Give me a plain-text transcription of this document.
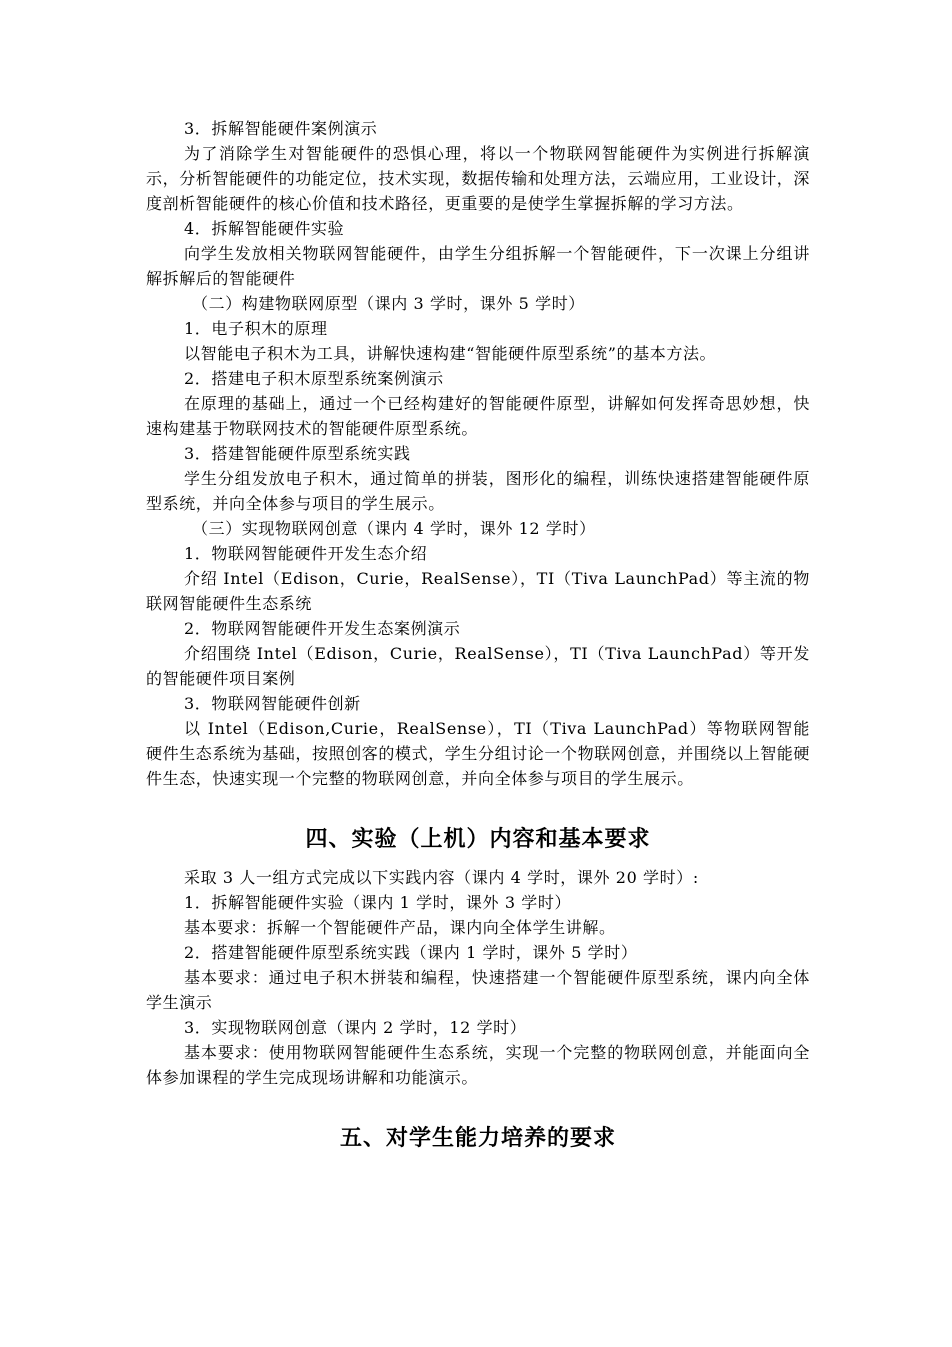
3．拆解智能硬件案例演示
为了消除学生对智能硬件的恐惧心理，将以一个物联网智能硬件为实例进行拆解演示，分析智能硬件的功能定位，技术实现，数据传输和处理方法，云端应用，工业设计，深度剖析智能硬件的核心价值和技术路径，更重要的是使学生掌握拆解的学习方法。
4．拆解智能硬件实验
向学生发放相关物联网智能硬件，由学生分组拆解一个智能硬件，下一次课上分组讲解拆解后的智能硬件
（二）构建物联网原型（课内 3 学时，课外 5 学时）
1．电子积木的原理
以智能电子积木为工具，讲解快速构建“智能硬件原型系统”的基本方法。
2．搭建电子积木原型系统案例演示
在原理的基础上，通过一个已经构建好的智能硬件原型，讲解如何发挥奇思妙想，快速构建基于物联网技术的智能硬件原型系统。
3．搭建智能硬件原型系统实践
学生分组发放电子积木，通过简单的拼装，图形化的编程，训练快速搭建智能硬件原型系统，并向全体参与项目的学生展示。
（三）实现物联网创意（课内 4 学时，课外 12 学时）
1．物联网智能硬件开发生态介绍
介绍 Intel（Edison，Curie，RealSense），TI（Tiva LaunchPad）等主流的物联网智能硬件生态系统
2．物联网智能硬件开发生态案例演示
介绍围绕 Intel（Edison，Curie，RealSense），TI（Tiva LaunchPad）等开发的智能硬件项目案例
3．物联网智能硬件创新
以 Intel（Edison,Curie，RealSense），TI（Tiva LaunchPad）等物联网智能硬件生态系统为基础，按照创客的模式，学生分组讨论一个物联网创意，并围绕以上智能硬件生态，快速实现一个完整的物联网创意，并向全体参与项目的学生展示。
四、实验（上机）内容和基本要求
采取 3 人一组方式完成以下实践内容（课内 4 学时，课外 20 学时）:
1．拆解智能硬件实验（课内 1 学时，课外 3 学时）
基本要求：拆解一个智能硬件产品，课内向全体学生讲解。
2．搭建智能硬件原型系统实践（课内 1 学时，课外 5 学时）
基本要求：通过电子积木拼装和编程，快速搭建一个智能硬件原型系统，课内向全体学生演示
3．实现物联网创意（课内 2 学时，12 学时）
基本要求：使用物联网智能硬件生态系统，实现一个完整的物联网创意，并能面向全体参加课程的学生完成现场讲解和功能演示。
五、对学生能力培养的要求
